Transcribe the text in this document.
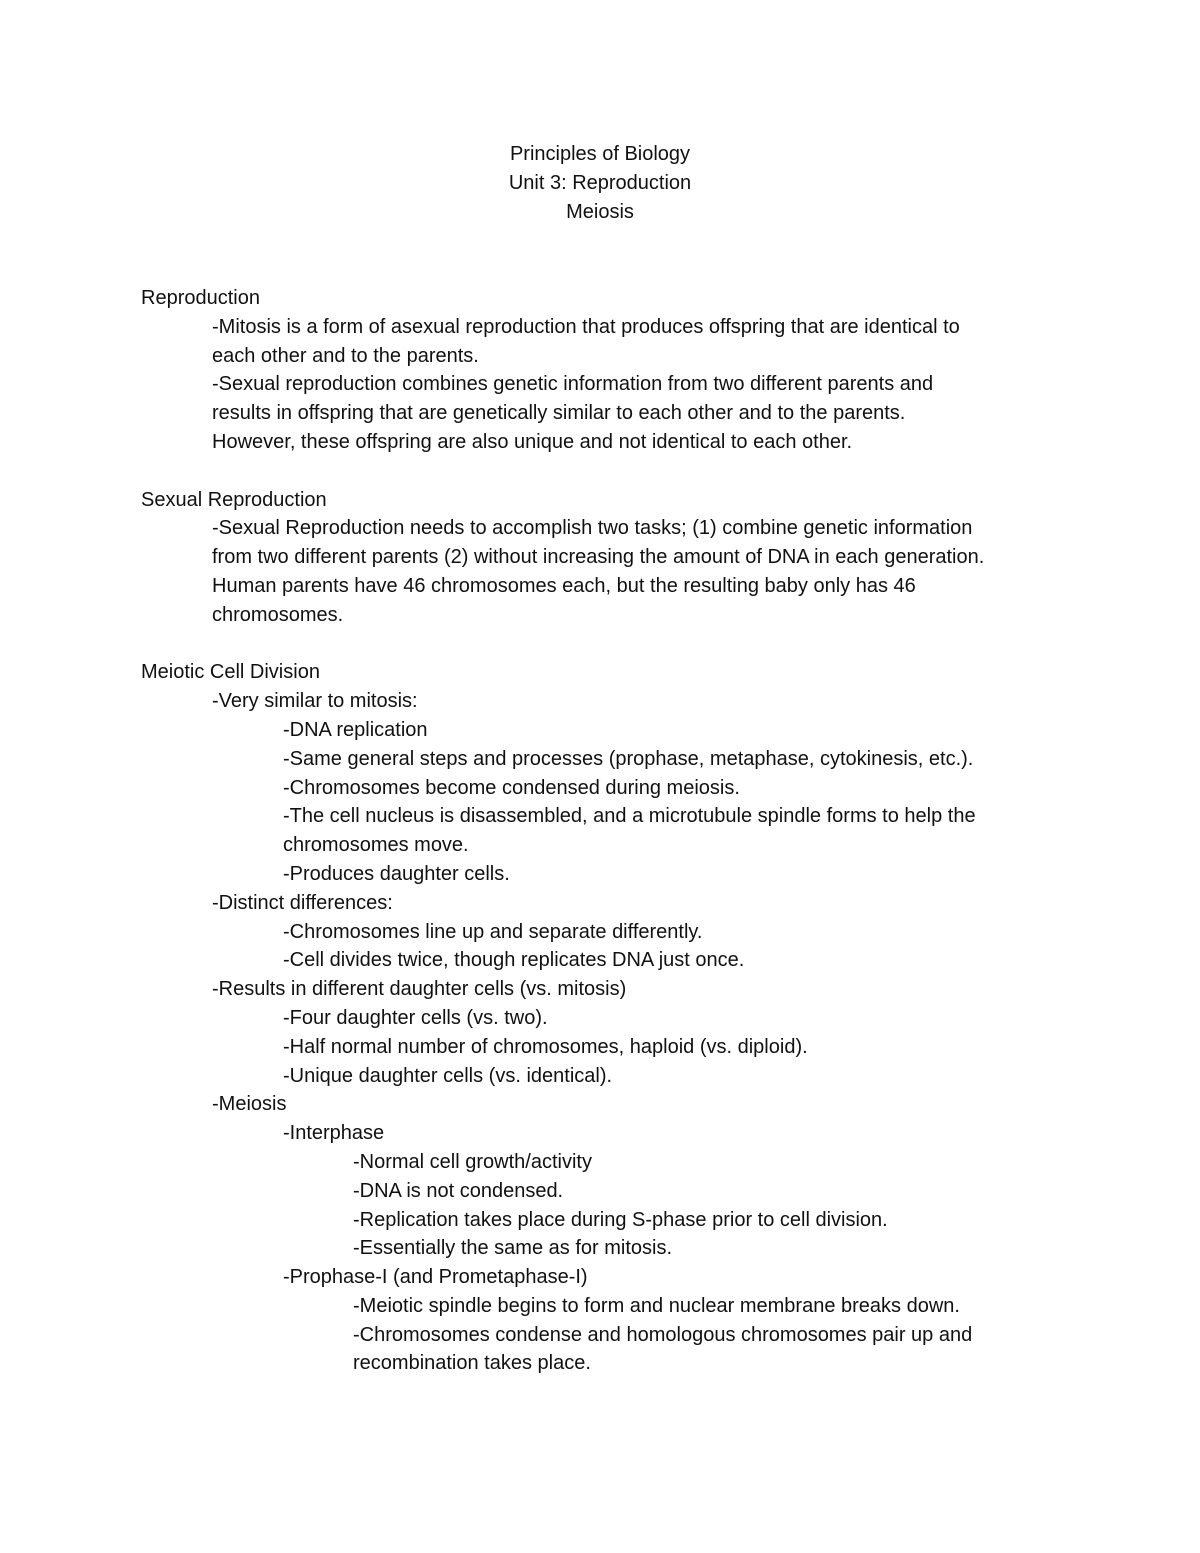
Principles of Biology
Unit 3: Reproduction
Meiosis
Reproduction
-Mitosis is a form of asexual reproduction that produces offspring that are identical to
each other and to the parents.
-Sexual reproduction combines genetic information from two different parents and
results in offspring that are genetically similar to each other and to the parents.
However, these offspring are also unique and not identical to each other.
Sexual Reproduction
-Sexual Reproduction needs to accomplish two tasks; (1) combine genetic information
from two different parents (2) without increasing the amount of DNA in each generation.
Human parents have 46 chromosomes each, but the resulting baby only has 46
chromosomes.
Meiotic Cell Division
-Very similar to mitosis:
-DNA replication
-Same general steps and processes (prophase, metaphase, cytokinesis, etc.).
-Chromosomes become condensed during meiosis.
-The cell nucleus is disassembled, and a microtubule spindle forms to help the
chromosomes move.
-Produces daughter cells.
-Distinct differences:
-Chromosomes line up and separate differently.
-Cell divides twice, though replicates DNA just once.
-Results in different daughter cells (vs. mitosis)
-Four daughter cells (vs. two).
-Half normal number of chromosomes, haploid (vs. diploid).
-Unique daughter cells (vs. identical).
-Meiosis
-Interphase
-Normal cell growth/activity
-DNA is not condensed.
-Replication takes place during S-phase prior to cell division.
-Essentially the same as for mitosis.
-Prophase-I (and Prometaphase-I)
-Meiotic spindle begins to form and nuclear membrane breaks down.
-Chromosomes condense and homologous chromosomes pair up and
recombination takes place.
